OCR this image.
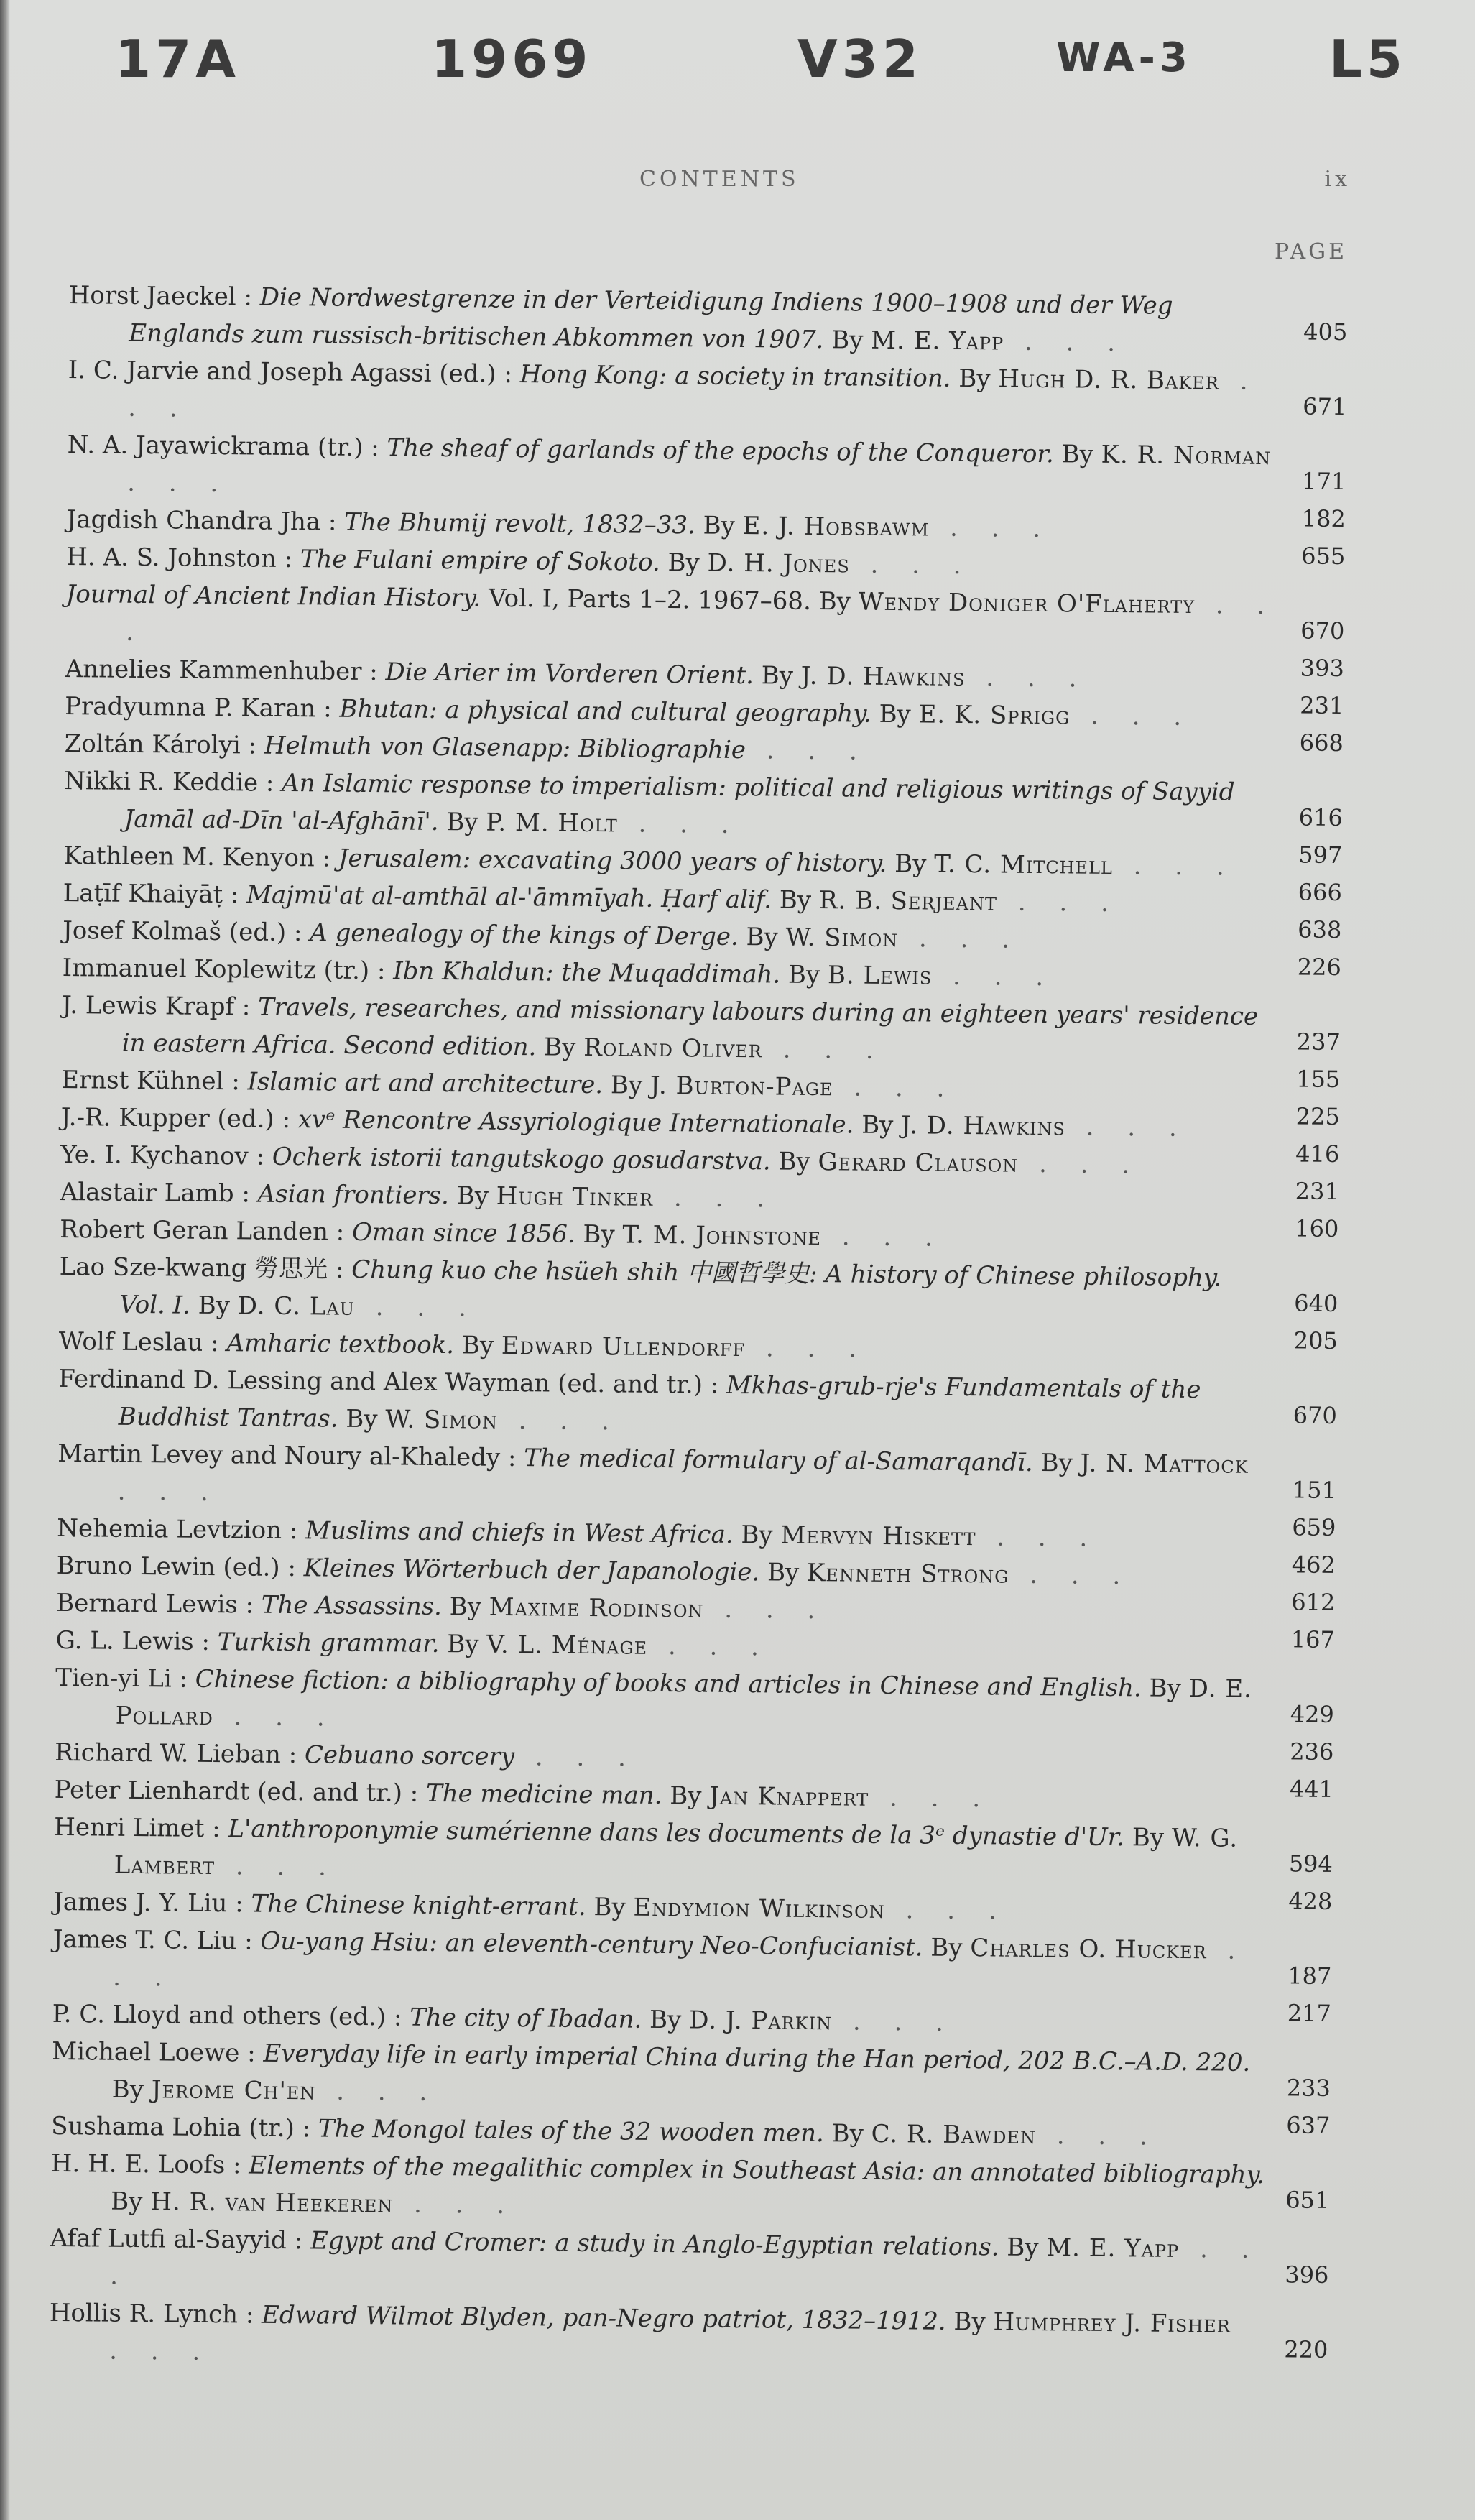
17A	1969	V32	WA-3	L5
CONTENTS	ix
PAGE
Horst Jaeckel : Die Nordwestgrenze in der Verteidigung Indiens 1900–1908 und der Weg Englands zum russisch-britischen Abkommen von 1907. By M. E. Yapp . . .	405
I. C. Jarvie and Joseph Agassi (ed.) : Hong Kong: a society in transition. By Hugh D. R. Baker . . .	671
N. A. Jayawickrama (tr.) : The sheaf of garlands of the epochs of the Conqueror. By K. R. Norman . . .	171
Jagdish Chandra Jha : The Bhumij revolt, 1832–33. By E. J. Hobsbawm . . .	182
H. A. S. Johnston : The Fulani empire of Sokoto. By D. H. Jones . . .	655
Journal of Ancient Indian History. Vol. I, Parts 1–2. 1967–68. By Wendy Doniger O'Flaherty . . .	670
Annelies Kammenhuber : Die Arier im Vorderen Orient. By J. D. Hawkins . . .	393
Pradyumna P. Karan : Bhutan: a physical and cultural geography. By E. K. Sprigg . . .	231
Zoltán Károlyi : Helmuth von Glasenapp: Bibliographie . . .	668
Nikki R. Keddie : An Islamic response to imperialism: political and religious writings of Sayyid Jamāl ad-Dīn 'al-Afghānī'. By P. M. Holt . . .	616
Kathleen M. Kenyon : Jerusalem: excavating 3000 years of history. By T. C. Mitchell . . .	597
Laṭīf Khaiyāṭ : Majmū'at al-amthāl al-'āmmīyah. Ḥarf alif. By R. B. Serjeant . . .	666
Josef Kolmaš (ed.) : A genealogy of the kings of Derge. By W. Simon . . .	638
Immanuel Koplewitz (tr.) : Ibn Khaldun: the Muqaddimah. By B. Lewis . . .	226
J. Lewis Krapf : Travels, researches, and missionary labours during an eighteen years' residence in eastern Africa. Second edition. By Roland Oliver . . .	237
Ernst Kühnel : Islamic art and architecture. By J. Burton-Page . . .	155
J.-R. Kupper (ed.) : xvᵉ Rencontre Assyriologique Internationale. By J. D. Hawkins . . .	225
Ye. I. Kychanov : Ocherk istorii tangutskogo gosudarstva. By Gerard Clauson . . .	416
Alastair Lamb : Asian frontiers. By Hugh Tinker . . .	231
Robert Geran Landen : Oman since 1856. By T. M. Johnstone . . .	160
Lao Sze-kwang 勞思光 : Chung kuo che hsüeh shih 中國哲學史: A history of Chinese philosophy. Vol. I. By D. C. Lau . . .	640
Wolf Leslau : Amharic textbook. By Edward Ullendorff . . .	205
Ferdinand D. Lessing and Alex Wayman (ed. and tr.) : Mkhas-grub-rje's Fundamentals of the Buddhist Tantras. By W. Simon . . .	670
Martin Levey and Noury al-Khaledy : The medical formulary of al-Samarqandī. By J. N. Mattock . . .	151
Nehemia Levtzion : Muslims and chiefs in West Africa. By Mervyn Hiskett . . .	659
Bruno Lewin (ed.) : Kleines Wörterbuch der Japanologie. By Kenneth Strong . . .	462
Bernard Lewis : The Assassins. By Maxime Rodinson . . .	612
G. L. Lewis : Turkish grammar. By V. L. Ménage . . .	167
Tien-yi Li : Chinese fiction: a bibliography of books and articles in Chinese and English. By D. E. Pollard . . .	429
Richard W. Lieban : Cebuano sorcery . . .	236
Peter Lienhardt (ed. and tr.) : The medicine man. By Jan Knappert . . .	441
Henri Limet : L'anthroponymie sumérienne dans les documents de la 3ᵉ dynastie d'Ur. By W. G. Lambert . . .	594
James J. Y. Liu : The Chinese knight-errant. By Endymion Wilkinson . . .	428
James T. C. Liu : Ou-yang Hsiu: an eleventh-century Neo-Confucianist. By Charles O. Hucker . . .	187
P. C. Lloyd and others (ed.) : The city of Ibadan. By D. J. Parkin . . .	217
Michael Loewe : Everyday life in early imperial China during the Han period, 202 B.C.–A.D. 220. By Jerome Ch'en . . .	233
Sushama Lohia (tr.) : The Mongol tales of the 32 wooden men. By C. R. Bawden . . .	637
H. H. E. Loofs : Elements of the megalithic complex in Southeast Asia: an annotated bibliography. By H. R. van Heekeren . . .	651
Afaf Lutfi al-Sayyid : Egypt and Cromer: a study in Anglo-Egyptian relations. By M. E. Yapp . . .	396
Hollis R. Lynch : Edward Wilmot Blyden, pan-Negro patriot, 1832–1912. By Humphrey J. Fisher . . .	220
